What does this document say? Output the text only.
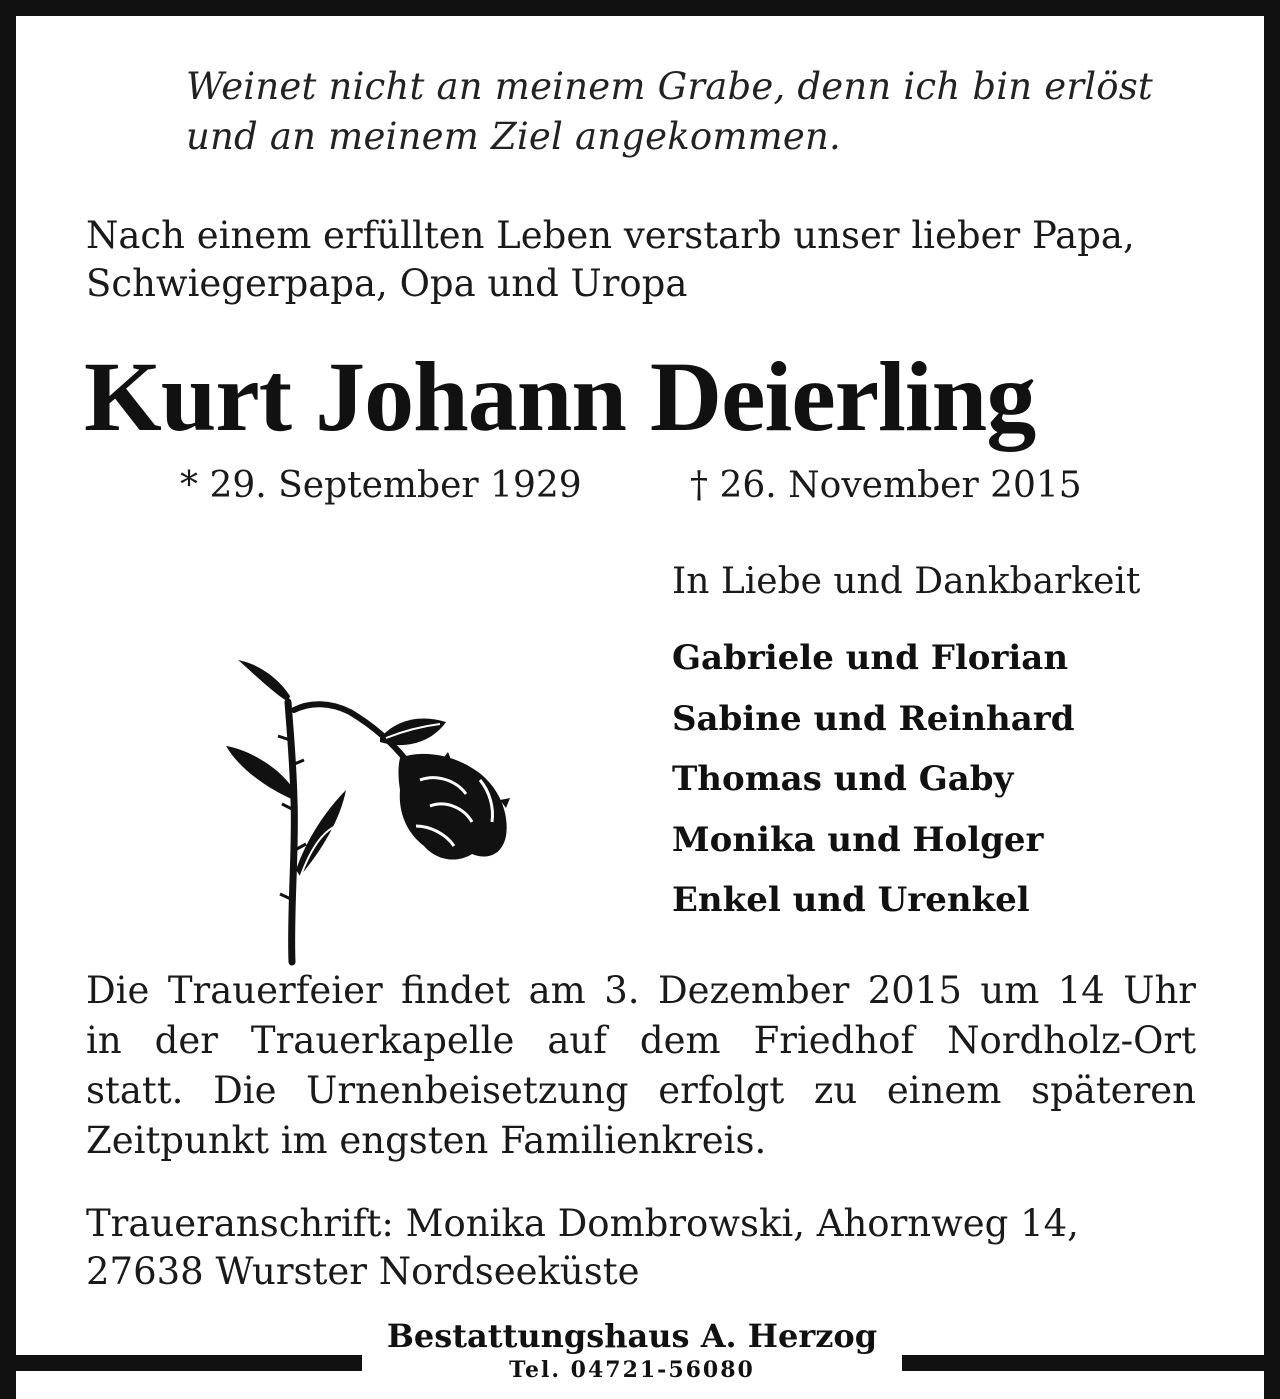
Weinet nicht an meinem Grabe, denn ich bin erlöst
und an meinem Ziel angekommen.
Nach einem erfüllten Leben verstarb unser lieber Papa,
Schwiegerpapa, Opa und Uropa
Kurt Johann Deierling
* 29. September 1929	† 26. November 2015
In Liebe und Dankbarkeit
Gabriele und Florian
Sabine und Reinhard
Thomas und Gaby
Monika und Holger
Enkel und Urenkel
Die Trauerfeier findet am 3. Dezember 2015 um 14 Uhr
in der Trauerkapelle auf dem Friedhof Nordholz-Ort
statt. Die Urnenbeisetzung erfolgt zu einem späteren
Zeitpunkt im engsten Familienkreis.
Traueranschrift: Monika Dombrowski, Ahornweg 14,
27638 Wurster Nordseeküste
Bestattungshaus A. Herzog
Tel. 04721-56080
